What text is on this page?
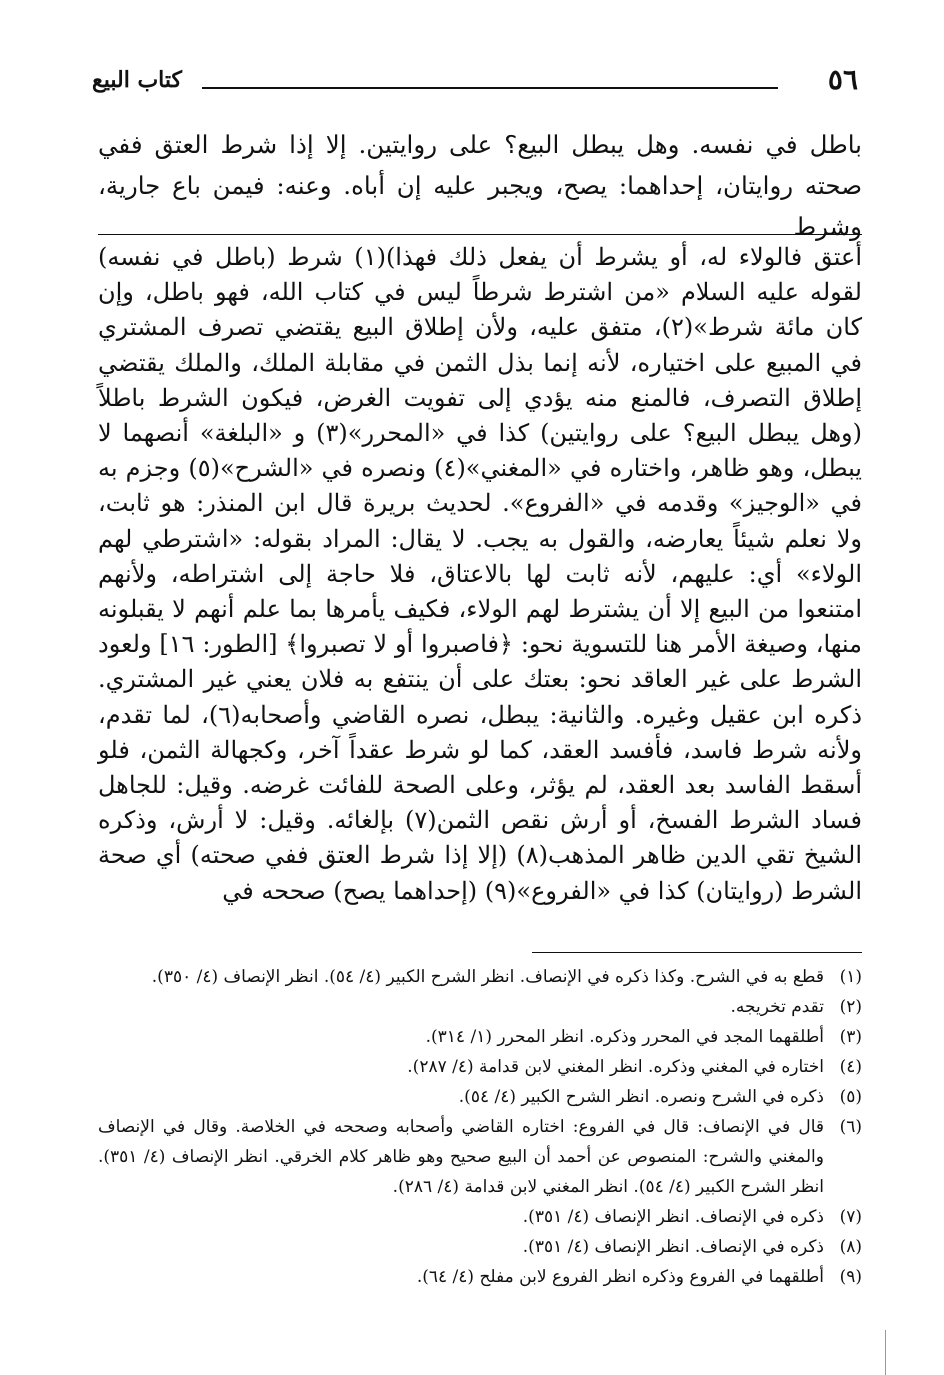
٥٦
كتاب البيع
باطل في نفسه. وهل يبطل البيع؟ على روايتين. إلا إذا شرط العتق ففي صحته روايتان، إحداهما: يصح، ويجبر عليه إن أباه. وعنه: فيمن باع جارية، وشرط
أعتق فالولاء له، أو يشرط أن يفعل ذلك فهذا)(١) شرط (باطل في نفسه) لقوله عليه السلام «من اشترط شرطاً ليس في كتاب الله، فهو باطل، وإن كان مائة شرط»(٢)، متفق عليه، ولأن إطلاق البيع يقتضي تصرف المشتري في المبيع على اختياره، لأنه إنما بذل الثمن في مقابلة الملك، والملك يقتضي إطلاق التصرف، فالمنع منه يؤدي إلى تفويت الغرض، فيكون الشرط باطلاً (وهل يبطل البيع؟ على روايتين) كذا في «المحرر»(٣) و «البلغة» أنصهما لا يبطل، وهو ظاهر، واختاره في «المغني»(٤) ونصره في «الشرح»(٥) وجزم به في «الوجيز» وقدمه في «الفروع». لحديث بريرة قال ابن المنذر: هو ثابت، ولا نعلم شيئاً يعارضه، والقول به يجب. لا يقال: المراد بقوله: «اشترطي لهم الولاء» أي: عليهم، لأنه ثابت لها بالاعتاق، فلا حاجة إلى اشتراطه، ولأنهم امتنعوا من البيع إلا أن يشترط لهم الولاء، فكيف يأمرها بما علم أنهم لا يقبلونه منها، وصيغة الأمر هنا للتسوية نحو: ﴿فاصبروا أو لا تصبروا﴾ [الطور: ١٦] ولعود الشرط على غير العاقد نحو: بعتك على أن ينتفع به فلان يعني غير المشتري. ذكره ابن عقيل وغيره. والثانية: يبطل، نصره القاضي وأصحابه(٦)، لما تقدم، ولأنه شرط فاسد، فأفسد العقد، كما لو شرط عقداً آخر، وكجهالة الثمن، فلو أسقط الفاسد بعد العقد، لم يؤثر، وعلى الصحة للفائت غرضه. وقيل: للجاهل فساد الشرط الفسخ، أو أرش نقص الثمن(٧) بإلغائه. وقيل: لا أرش، وذكره الشيخ تقي الدين ظاهر المذهب(٨) (إلا إذا شرط العتق ففي صحته) أي صحة الشرط (روايتان) كذا في «الفروع»(٩) (إحداهما يصح) صححه في
(١)
قطع به في الشرح. وكذا ذكره في الإنصاف. انظر الشرح الكبير (٤/ ٥٤). انظر الإنصاف (٤/ ٣٥٠).
(٢)
تقدم تخريجه.
(٣)
أطلقهما المجد في المحرر وذكره. انظر المحرر (١/ ٣١٤).
(٤)
اختاره في المغني وذكره. انظر المغني لابن قدامة (٤/ ٢٨٧).
(٥)
ذكره في الشرح ونصره. انظر الشرح الكبير (٤/ ٥٤).
(٦)
قال في الإنصاف: قال في الفروع: اختاره القاضي وأصحابه وصححه في الخلاصة. وقال في الإنصاف والمغني والشرح: المنصوص عن أحمد أن البيع صحيح وهو ظاهر كلام الخرقي. انظر الإنصاف (٤/ ٣٥١). انظر الشرح الكبير (٤/ ٥٤). انظر المغني لابن قدامة (٤/ ٢٨٦).
(٧)
ذكره في الإنصاف. انظر الإنصاف (٤/ ٣٥١).
(٨)
ذكره في الإنصاف. انظر الإنصاف (٤/ ٣٥١).
(٩)
أطلقهما في الفروع وذكره انظر الفروع لابن مفلح (٤/ ٦٤).
